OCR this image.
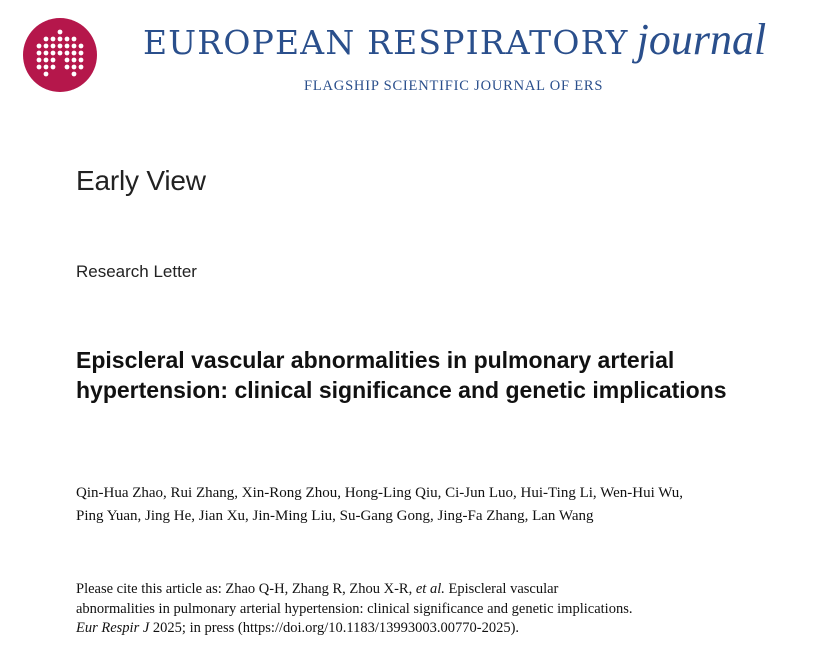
EUROPEAN RESPIRATORY journal
FLAGSHIP SCIENTIFIC JOURNAL OF ERS
Early View
Research Letter
Episcleral vascular abnormalities in pulmonary arterial hypertension: clinical significance and genetic implications
Qin-Hua Zhao, Rui Zhang, Xin-Rong Zhou, Hong-Ling Qiu, Ci-Jun Luo, Hui-Ting Li, Wen-Hui Wu,
Ping Yuan, Jing He, Jian Xu, Jin-Ming Liu, Su-Gang Gong, Jing-Fa Zhang, Lan Wang
Please cite this article as: Zhao Q-H, Zhang R, Zhou X-R, et al. Episcleral vascular
abnormalities in pulmonary arterial hypertension: clinical significance and genetic implications.
Eur Respir J 2025; in press (https://doi.org/10.1183/13993003.00770-2025).
